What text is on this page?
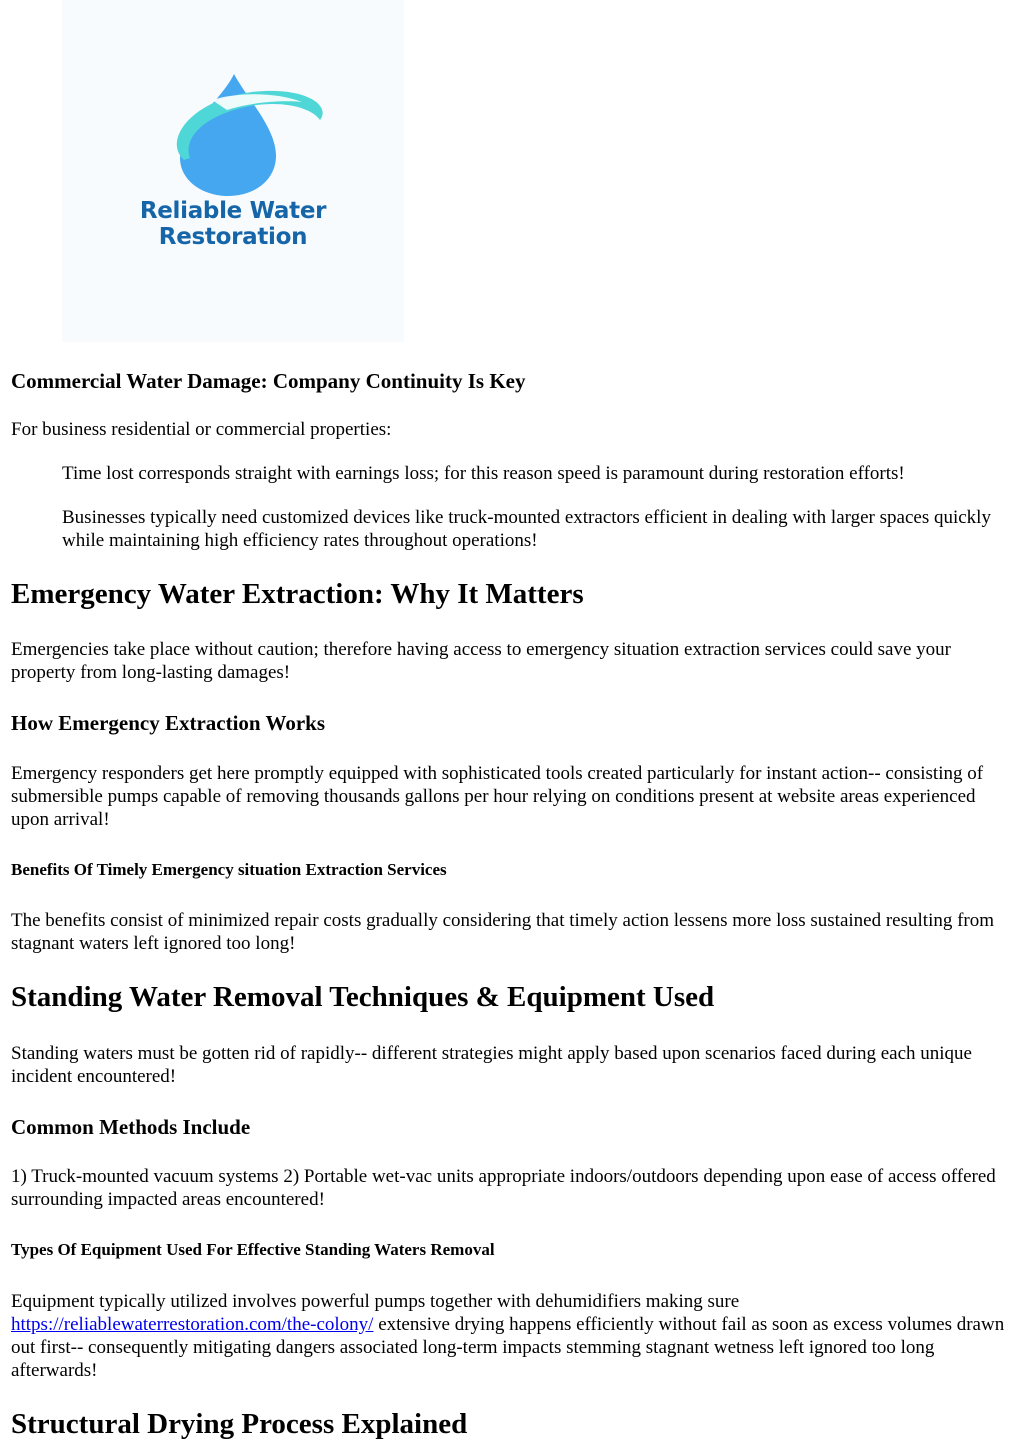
Reliable Water
Restoration
Commercial Water Damage: Company Continuity Is Key
For business residential or commercial properties:
Time lost corresponds straight with earnings loss; for this reason speed is paramount during restoration efforts!
Businesses typically need customized devices like truck-mounted extractors efficient in dealing with larger spaces quickly while maintaining high efficiency rates throughout operations!
Emergency Water Extraction: Why It Matters
Emergencies take place without caution; therefore having access to emergency situation extraction services could save your property from long-lasting damages!
How Emergency Extraction Works
Emergency responders get here promptly equipped with sophisticated tools created particularly for instant action-- consisting of submersible pumps capable of removing thousands gallons per hour relying on conditions present at website areas experienced upon arrival!
Benefits Of Timely Emergency situation Extraction Services
The benefits consist of minimized repair costs gradually considering that timely action lessens more loss sustained resulting from stagnant waters left ignored too long!
Standing Water Removal Techniques & Equipment Used
Standing waters must be gotten rid of rapidly-- different strategies might apply based upon scenarios faced during each unique incident encountered!
Common Methods Include
1) Truck-mounted vacuum systems 2) Portable wet-vac units appropriate indoors/outdoors depending upon ease of access offered surrounding impacted areas encountered!
Types Of Equipment Used For Effective Standing Waters Removal
Equipment typically utilized involves powerful pumps together with dehumidifiers making sure https://reliablewaterrestoration.com/the-colony/ extensive drying happens efficiently without fail as soon as excess volumes drawn out first-- consequently mitigating dangers associated long-term impacts stemming stagnant wetness left ignored too long afterwards!
Structural Drying Process Explained
